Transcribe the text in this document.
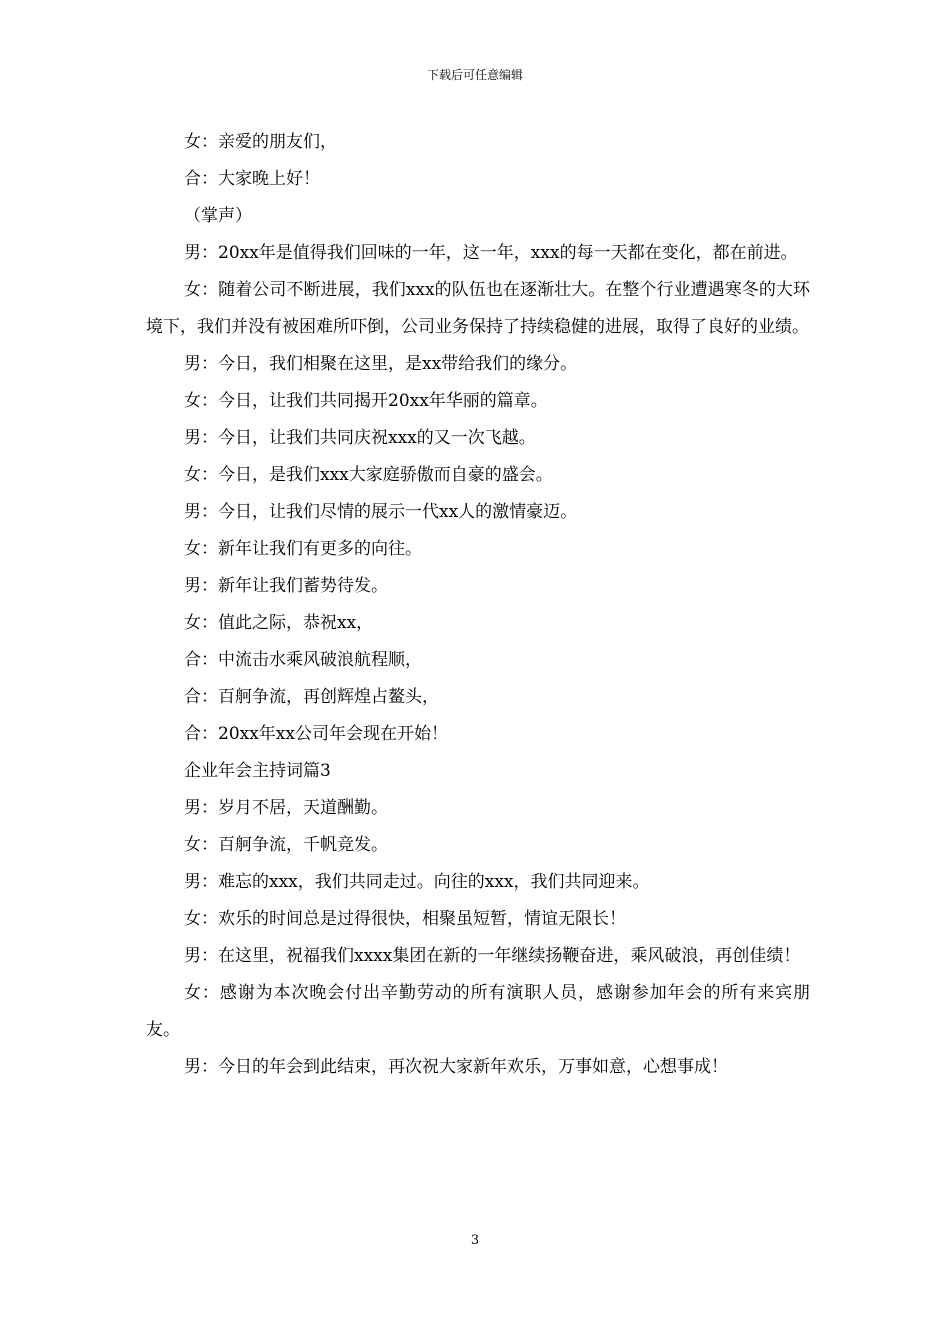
下载后可任意编辑

女：亲爱的朋友们，

合：大家晚上好！

（掌声）

男：20xx年是值得我们回味的一年，这一年，xxx的每一天都在变化，都在前进。

女：随着公司不断进展，我们xxx的队伍也在逐渐壮大。在整个行业遭遇寒冬的大环境下，我们并没有被困难所吓倒，公司业务保持了持续稳健的进展，取得了良好的业绩。

男：今日，我们相聚在这里，是xx带给我们的缘分。

女：今日，让我们共同揭开20xx年华丽的篇章。

男：今日，让我们共同庆祝xxx的又一次飞越。

女：今日，是我们xxx大家庭骄傲而自豪的盛会。

男：今日，让我们尽情的展示一代xx人的激情豪迈。

女：新年让我们有更多的向往。

男：新年让我们蓄势待发。

女：值此之际，恭祝xx，

合：中流击水乘风破浪航程顺，

合：百舸争流，再创辉煌占鳌头，

合：20xx年xx公司年会现在开始！

企业年会主持词篇3

男：岁月不居，天道酬勤。

女：百舸争流，千帆竞发。

男：难忘的xxx，我们共同走过。向往的xxx，我们共同迎来。

女：欢乐的时间总是过得很快，相聚虽短暂，情谊无限长！

男：在这里，祝福我们xxxx集团在新的一年继续扬鞭奋进，乘风破浪，再创佳绩！

女：感谢为本次晚会付出辛勤劳动的所有演职人员，感谢参加年会的所有来宾朋友。

男：今日的年会到此结束，再次祝大家新年欢乐，万事如意，心想事成！

3
